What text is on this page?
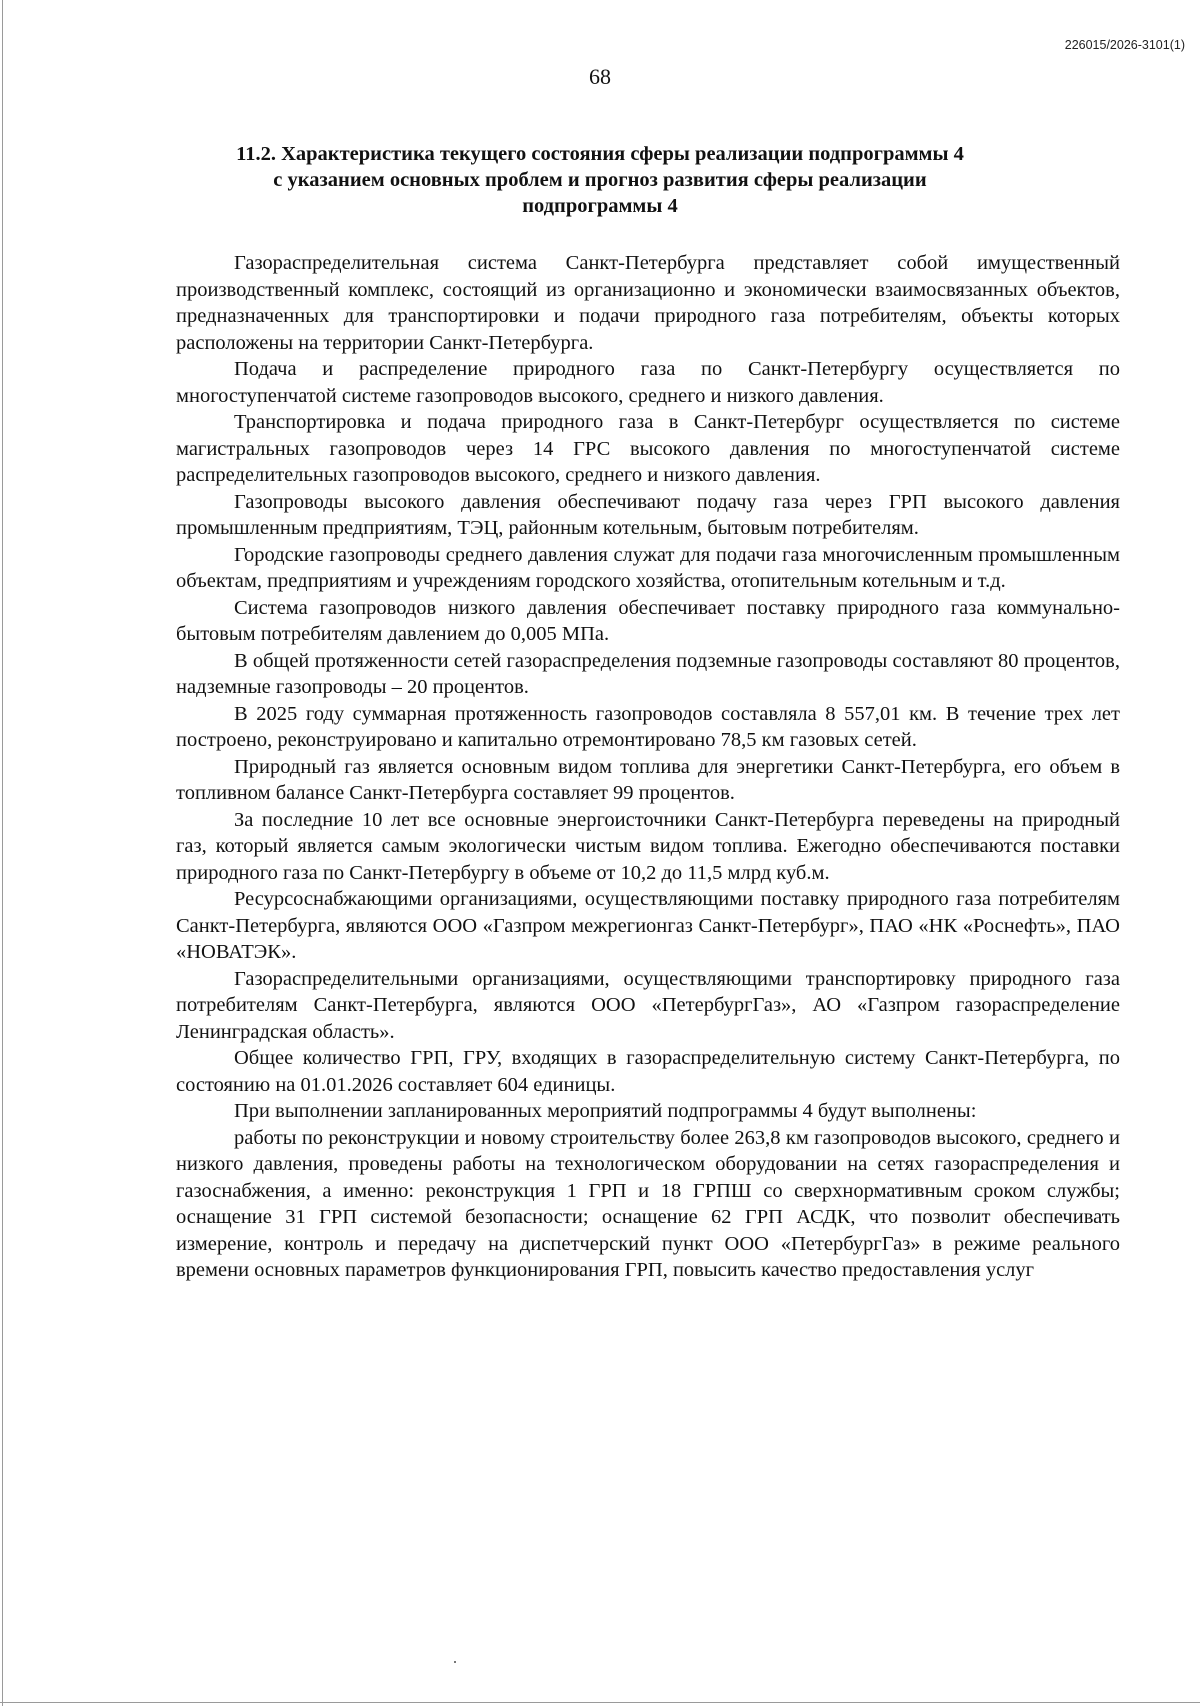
226015/2026-3101(1)
68
11.2. Характеристика текущего состояния сферы реализации подпрограммы 4
с указанием основных проблем и прогноз развития сферы реализации
подпрограммы 4

Газораспределительная система Санкт-Петербурга представляет собой имущественный производственный комплекс, состоящий из организационно и экономически взаимосвязанных объектов, предназначенных для транспортировки и подачи природного газа потребителям, объекты которых расположены на территории Санкт-Петербурга.

Подача и распределение природного газа по Санкт-Петербургу осуществляется по многоступенчатой системе газопроводов высокого, среднего и низкого давления.

Транспортировка и подача природного газа в Санкт-Петербург осуществляется по системе магистральных газопроводов через 14 ГРС высокого давления по многоступенчатой системе распределительных газопроводов высокого, среднего и низкого давления.

Газопроводы высокого давления обеспечивают подачу газа через ГРП высокого давления промышленным предприятиям, ТЭЦ, районным котельным, бытовым потребителям.

Городские газопроводы среднего давления служат для подачи газа многочисленным промышленным объектам, предприятиям и учреждениям городского хозяйства, отопительным котельным и т.д.

Система газопроводов низкого давления обеспечивает поставку природного газа коммунально-бытовым потребителям давлением до 0,005 МПа.

В общей протяженности сетей газораспределения подземные газопроводы составляют 80 процентов, надземные газопроводы – 20 процентов.

В 2025 году суммарная протяженность газопроводов составляла 8 557,01 км. В течение трех лет построено, реконструировано и капитально отремонтировано 78,5 км газовых сетей.

Природный газ является основным видом топлива для энергетики Санкт-Петербурга, его объем в топливном балансе Санкт-Петербурга составляет 99 процентов.

За последние 10 лет все основные энергоисточники Санкт-Петербурга переведены на природный газ, который является самым экологически чистым видом топлива. Ежегодно обеспечиваются поставки природного газа по Санкт-Петербургу в объеме от 10,2 до 11,5 млрд куб.м.

Ресурсоснабжающими организациями, осуществляющими поставку природного газа потребителям Санкт-Петербурга, являются ООО «Газпром межрегионгаз Санкт-Петербург», ПАО «НК «Роснефть», ПАО «НОВАТЭК».

Газораспределительными организациями, осуществляющими транспортировку природного газа потребителям Санкт-Петербурга, являются ООО «ПетербургГаз», АО «Газпром газораспределение Ленинградская область».

Общее количество ГРП, ГРУ, входящих в газораспределительную систему Санкт-Петербурга, по состоянию на 01.01.2026 составляет 604 единицы.

При выполнении запланированных мероприятий подпрограммы 4 будут выполнены:

работы по реконструкции и новому строительству более 263,8 км газопроводов высокого, среднего и низкого давления, проведены работы на технологическом оборудовании на сетях газораспределения и газоснабжения, а именно: реконструкция 1 ГРП и 18 ГРПШ со сверхнормативным сроком службы; оснащение 31 ГРП системой безопасности; оснащение 62 ГРП АСДК, что позволит обеспечивать измерение, контроль и передачу на диспетчерский пункт ООО «ПетербургГаз» в режиме реального времени основных параметров функционирования ГРП, повысить качество предоставления услуг
